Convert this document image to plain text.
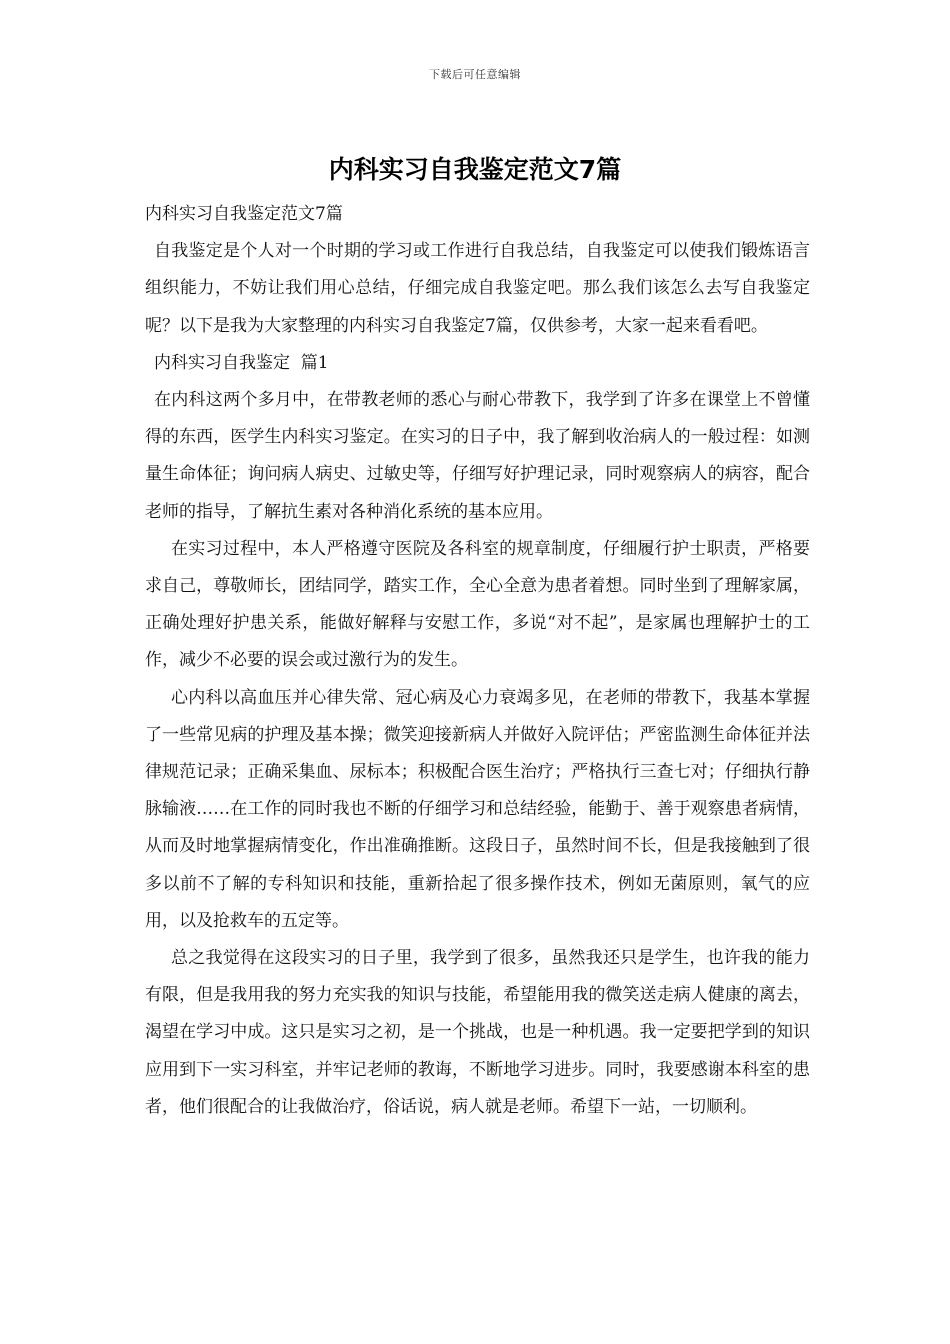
下载后可任意编辑
内科实习自我鉴定范文7篇

内科实习自我鉴定范文7篇

自我鉴定是个人对一个时期的学习或工作进行自我总结，自我鉴定可以使我们锻炼语言组织能力，不妨让我们用心总结，仔细完成自我鉴定吧。那么我们该怎么去写自我鉴定呢？以下是我为大家整理的内科实习自我鉴定7篇，仅供参考，大家一起来看看吧。

内科实习自我鉴定  篇1

在内科这两个多月中，在带教老师的悉心与耐心带教下，我学到了许多在课堂上不曾懂得的东西，医学生内科实习鉴定。在实习的日子中，我了解到收治病人的一般过程：如测量生命体征；询问病人病史、过敏史等，仔细写好护理记录，同时观察病人的病容，配合老师的指导，了解抗生素对各种消化系统的基本应用。

在实习过程中，本人严格遵守医院及各科室的规章制度，仔细履行护士职责，严格要求自己，尊敬师长，团结同学，踏实工作，全心全意为患者着想。同时坐到了理解家属，正确处理好护患关系，能做好解释与安慰工作，多说“对不起”，是家属也理解护士的工作，减少不必要的误会或过激行为的发生。

心内科以高血压并心律失常、冠心病及心力衰竭多见，在老师的带教下，我基本掌握了一些常见病的护理及基本操；微笑迎接新病人并做好入院评估；严密监测生命体征并法律规范记录；正确采集血、尿标本；积极配合医生治疗；严格执行三查七对；仔细执行静脉输液……在工作的同时我也不断的仔细学习和总结经验，能勤于、善于观察患者病情，从而及时地掌握病情变化，作出准确推断。这段日子，虽然时间不长，但是我接触到了很多以前不了解的专科知识和技能，重新拾起了很多操作技术，例如无菌原则，氧气的应用，以及抢救车的五定等。

总之我觉得在这段实习的日子里，我学到了很多，虽然我还只是学生，也许我的能力有限，但是我用我的努力充实我的知识与技能，希望能用我的微笑送走病人健康的离去，渴望在学习中成。这只是实习之初，是一个挑战，也是一种机遇。我一定要把学到的知识应用到下一实习科室，并牢记老师的教诲，不断地学习进步。同时，我要感谢本科室的患者，他们很配合的让我做治疗，俗话说，病人就是老师。希望下一站，一切顺利。
